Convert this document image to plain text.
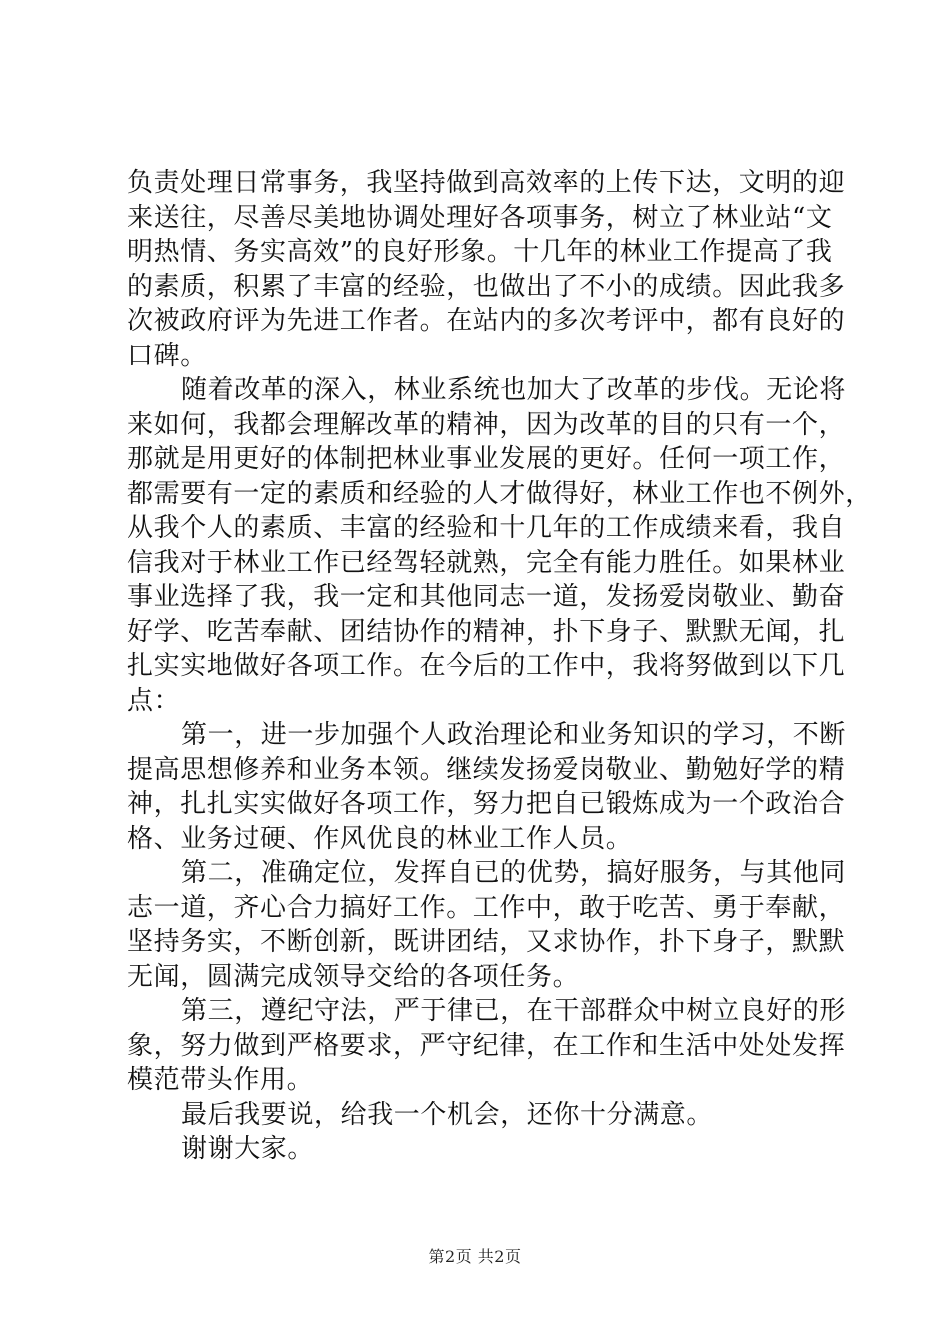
负责处理日常事务，我坚持做到高效率的上传下达，文明的迎
来送往，尽善尽美地协调处理好各项事务，树立了林业站“文
明热情、务实高效”的良好形象。十几年的林业工作提高了我
的素质，积累了丰富的经验，也做出了不小的成绩。因此我多
次被政府评为先进工作者。在站内的多次考评中，都有良好的
口碑。
随着改革的深入，林业系统也加大了改革的步伐。无论将
来如何，我都会理解改革的精神，因为改革的目的只有一个，
那就是用更好的体制把林业事业发展的更好。任何一项工作，
都需要有一定的素质和经验的人才做得好，林业工作也不例外，
从我个人的素质、丰富的经验和十几年的工作成绩来看，我自
信我对于林业工作已经驾轻就熟，完全有能力胜任。如果林业
事业选择了我，我一定和其他同志一道，发扬爱岗敬业、勤奋
好学、吃苦奉献、团结协作的精神，扑下身子、默默无闻，扎
扎实实地做好各项工作。在今后的工作中，我将努做到以下几
点：
第一，进一步加强个人政治理论和业务知识的学习，不断
提高思想修养和业务本领。继续发扬爱岗敬业、勤勉好学的精
神，扎扎实实做好各项工作，努力把自已锻炼成为一个政治合
格、业务过硬、作风优良的林业工作人员。
第二，准确定位，发挥自已的优势，搞好服务，与其他同
志一道，齐心合力搞好工作。工作中，敢于吃苦、勇于奉献，
坚持务实，不断创新，既讲团结，又求协作，扑下身子，默默
无闻，圆满完成领导交给的各项任务。
第三，遵纪守法，严于律已，在干部群众中树立良好的形
象，努力做到严格要求，严守纪律，在工作和生活中处处发挥
模范带头作用。
最后我要说，给我一个机会，还你十分满意。
谢谢大家。
第2页 共2页
